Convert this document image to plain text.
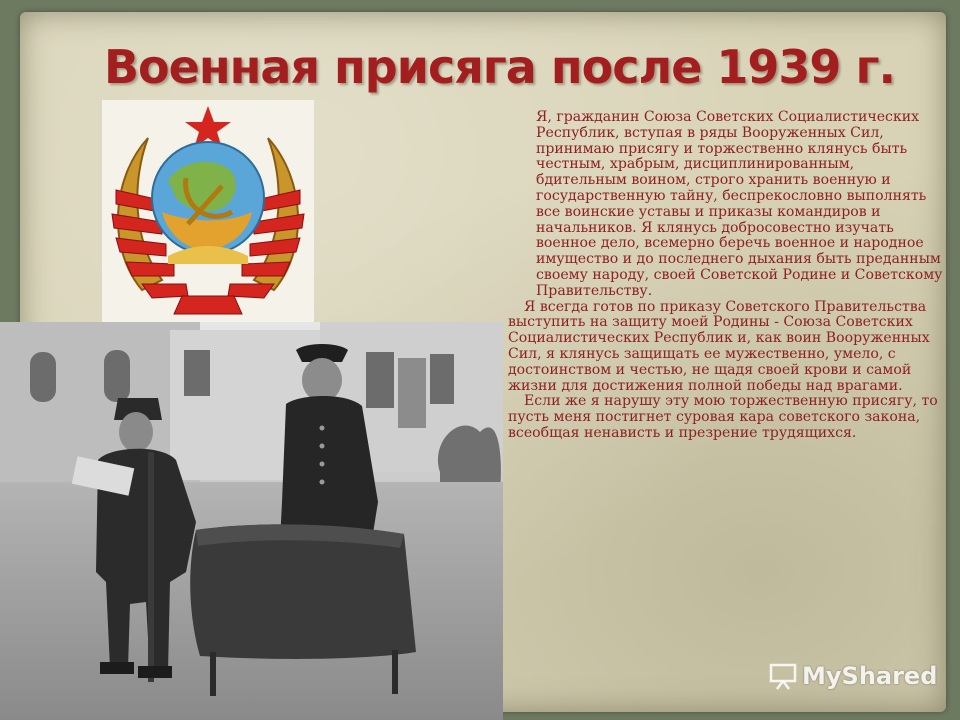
Военная присяга после 1939 г.

Я, гражданин Союза Советских Социалистических Республик, вступая в ряды Вооруженных Сил, принимаю присягу и торжественно клянусь быть честным, храбрым, дисциплинированным, бдительным воином, строго хранить военную и государственную тайну, беспрекословно выполнять все воинские уставы и приказы командиров и начальников. Я клянусь добросовестно изучать военное дело, всемерно беречь военное и народное имущество и до последнего дыхания быть преданным своему народу, своей Советской Родине и Советскому Правительству.

Я всегда готов по приказу Советского Правительства выступить на защиту моей Родины - Союза Советских Социалистических Республик и, как воин Вооруженных Сил, я клянусь защищать ее мужественно, умело, с достоинством и честью, не щадя своей крови и самой жизни для достижения полной победы над врагами.

Если же я нарушу эту мою торжественную присягу, то пусть меня постигнет суровая кара советского закона, всеобщая ненависть и презрение трудящихся.

MyShared
